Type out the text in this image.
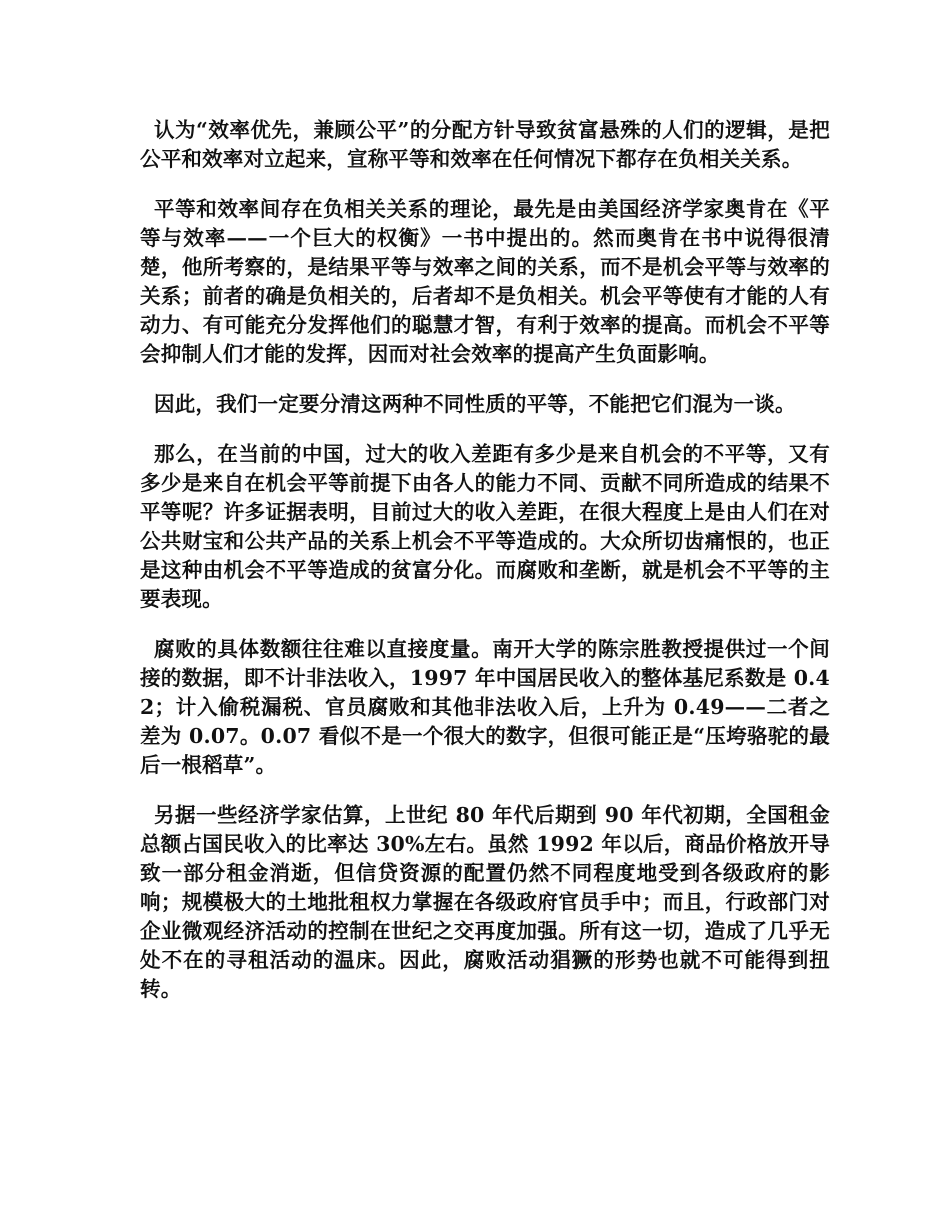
认为“效率优先，兼顾公平”的分配方针导致贫富悬殊的人们的逻辑，是把公平和效率对立起来，宣称平等和效率在任何情况下都存在负相关关系。

平等和效率间存在负相关关系的理论，最先是由美国经济学家奥肯在《平等与效率——一个巨大的权衡》一书中提出的。然而奥肯在书中说得很清楚，他所考察的，是结果平等与效率之间的关系，而不是机会平等与效率的关系；前者的确是负相关的，后者却不是负相关。机会平等使有才能的人有动力、有可能充分发挥他们的聪慧才智，有利于效率的提高。而机会不平等会抑制人们才能的发挥，因而对社会效率的提高产生负面影响。

因此，我们一定要分清这两种不同性质的平等，不能把它们混为一谈。

那么，在当前的中国，过大的收入差距有多少是来自机会的不平等，又有多少是来自在机会平等前提下由各人的能力不同、贡献不同所造成的结果不平等呢？许多证据表明，目前过大的收入差距，在很大程度上是由人们在对公共财宝和公共产品的关系上机会不平等造成的。大众所切齿痛恨的，也正是这种由机会不平等造成的贫富分化。而腐败和垄断，就是机会不平等的主要表现。

腐败的具体数额往往难以直接度量。南开大学的陈宗胜教授提供过一个间接的数据，即不计非法收入，1997 年中国居民收入的整体基尼系数是 0.42；计入偷税漏税、官员腐败和其他非法收入后，上升为 0.49——二者之差为 0.07。0.07 看似不是一个很大的数字，但很可能正是“压垮骆驼的最后一根稻草”。

另据一些经济学家估算，上世纪 80 年代后期到 90 年代初期，全国租金总额占国民收入的比率达 30%左右。虽然 1992 年以后，商品价格放开导致一部分租金消逝，但信贷资源的配置仍然不同程度地受到各级政府的影响；规模极大的土地批租权力掌握在各级政府官员手中；而且，行政部门对企业微观经济活动的控制在世纪之交再度加强。所有这一切，造成了几乎无处不在的寻租活动的温床。因此，腐败活动猖獗的形势也就不可能得到扭转。
